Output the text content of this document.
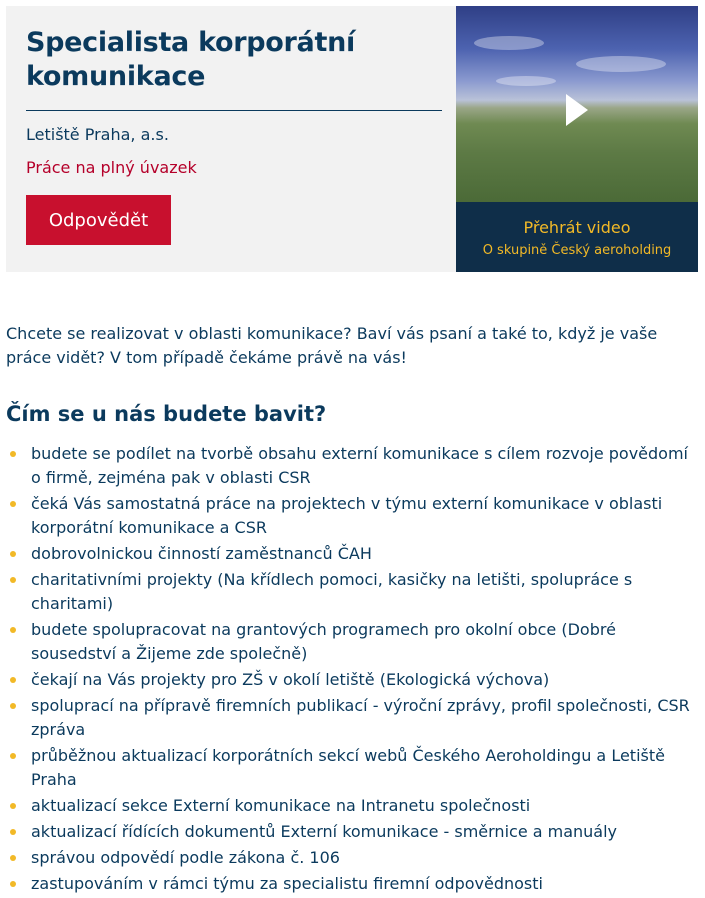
Specialista korporátní komunikace
Letiště Praha, a.s.
Práce na plný úvazek
Odpovědět	Přehrát video
O skupině Český aeroholding

Chcete se realizovat v oblasti komunikace? Baví vás psaní a také to, když je vaše práce vidět? V tom případě čekáme právě na vás!

Čím se u nás budete bavit?
budete se podílet na tvorbě obsahu externí komunikace s cílem rozvoje povědomí o firmě, zejména pak v oblasti CSR
čeká Vás samostatná práce na projektech v týmu externí komunikace v oblasti korporátní komunikace a CSR
dobrovolnickou činností zaměstnanců ČAH
charitativními projekty (Na křídlech pomoci, kasičky na letišti, spolupráce s charitami)
budete spolupracovat na grantových programech pro okolní obce (Dobré sousedství a Žijeme zde společně)
čekají na Vás projekty pro ZŠ v okolí letiště (Ekologická výchova)
spoluprací na přípravě firemních publikací - výroční zprávy, profil společnosti, CSR zpráva
průběžnou aktualizací korporátních sekcí webů Českého Aeroholdingu a Letiště Praha
aktualizací sekce Externí komunikace na Intranetu společnosti
aktualizací řídících dokumentů Externí komunikace - směrnice a manuály
správou odpovědí podle zákona č. 106
zastupováním v rámci týmu za specialistu firemní odpovědnosti
